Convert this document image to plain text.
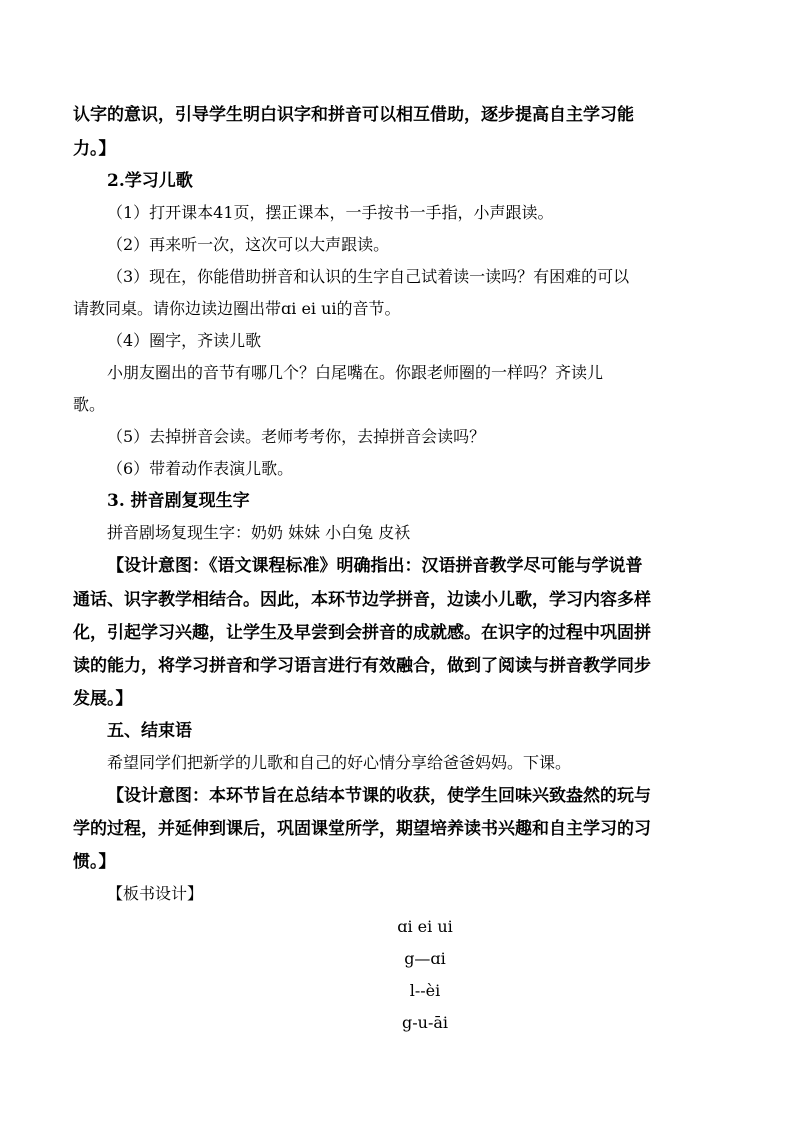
认字的意识，引导学生明白识字和拼音可以相互借助，逐步提高自主学习能
力。】
2.学习儿歌
（1）打开课本41页，摆正课本，一手按书一手指，小声跟读。
（2）再来听一次，这次可以大声跟读。
（3）现在，你能借助拼音和认识的生字自己试着读一读吗？有困难的可以
请教同桌。请你边读边圈出带ɑi ei ui的音节。
（4）圈字，齐读儿歌
小朋友圈出的音节有哪几个？白尾嘴在。你跟老师圈的一样吗？齐读儿
歌。
（5）去掉拼音会读。老师考考你，去掉拼音会读吗？
（6）带着动作表演儿歌。
3. 拼音剧复现生字
拼音剧场复现生字：奶奶 妹妹 小白兔 皮袄
【设计意图：《语文课程标准》明确指出：汉语拼音教学尽可能与学说普
通话、识字教学相结合。因此，本环节边学拼音，边读小儿歌，学习内容多样
化，引起学习兴趣，让学生及早尝到会拼音的成就感。在识字的过程中巩固拼
读的能力，将学习拼音和学习语言进行有效融合，做到了阅读与拼音教学同步
发展。】
五、结束语
希望同学们把新学的儿歌和自己的好心情分享给爸爸妈妈。下课。
【设计意图：本环节旨在总结本节课的收获，使学生回味兴致盎然的玩与
学的过程，并延伸到课后，巩固课堂所学，期望培养读书兴趣和自主学习的习
惯。】
【板书设计】
ɑi ei ui
g—ɑi
l--èi
g-u-āi
